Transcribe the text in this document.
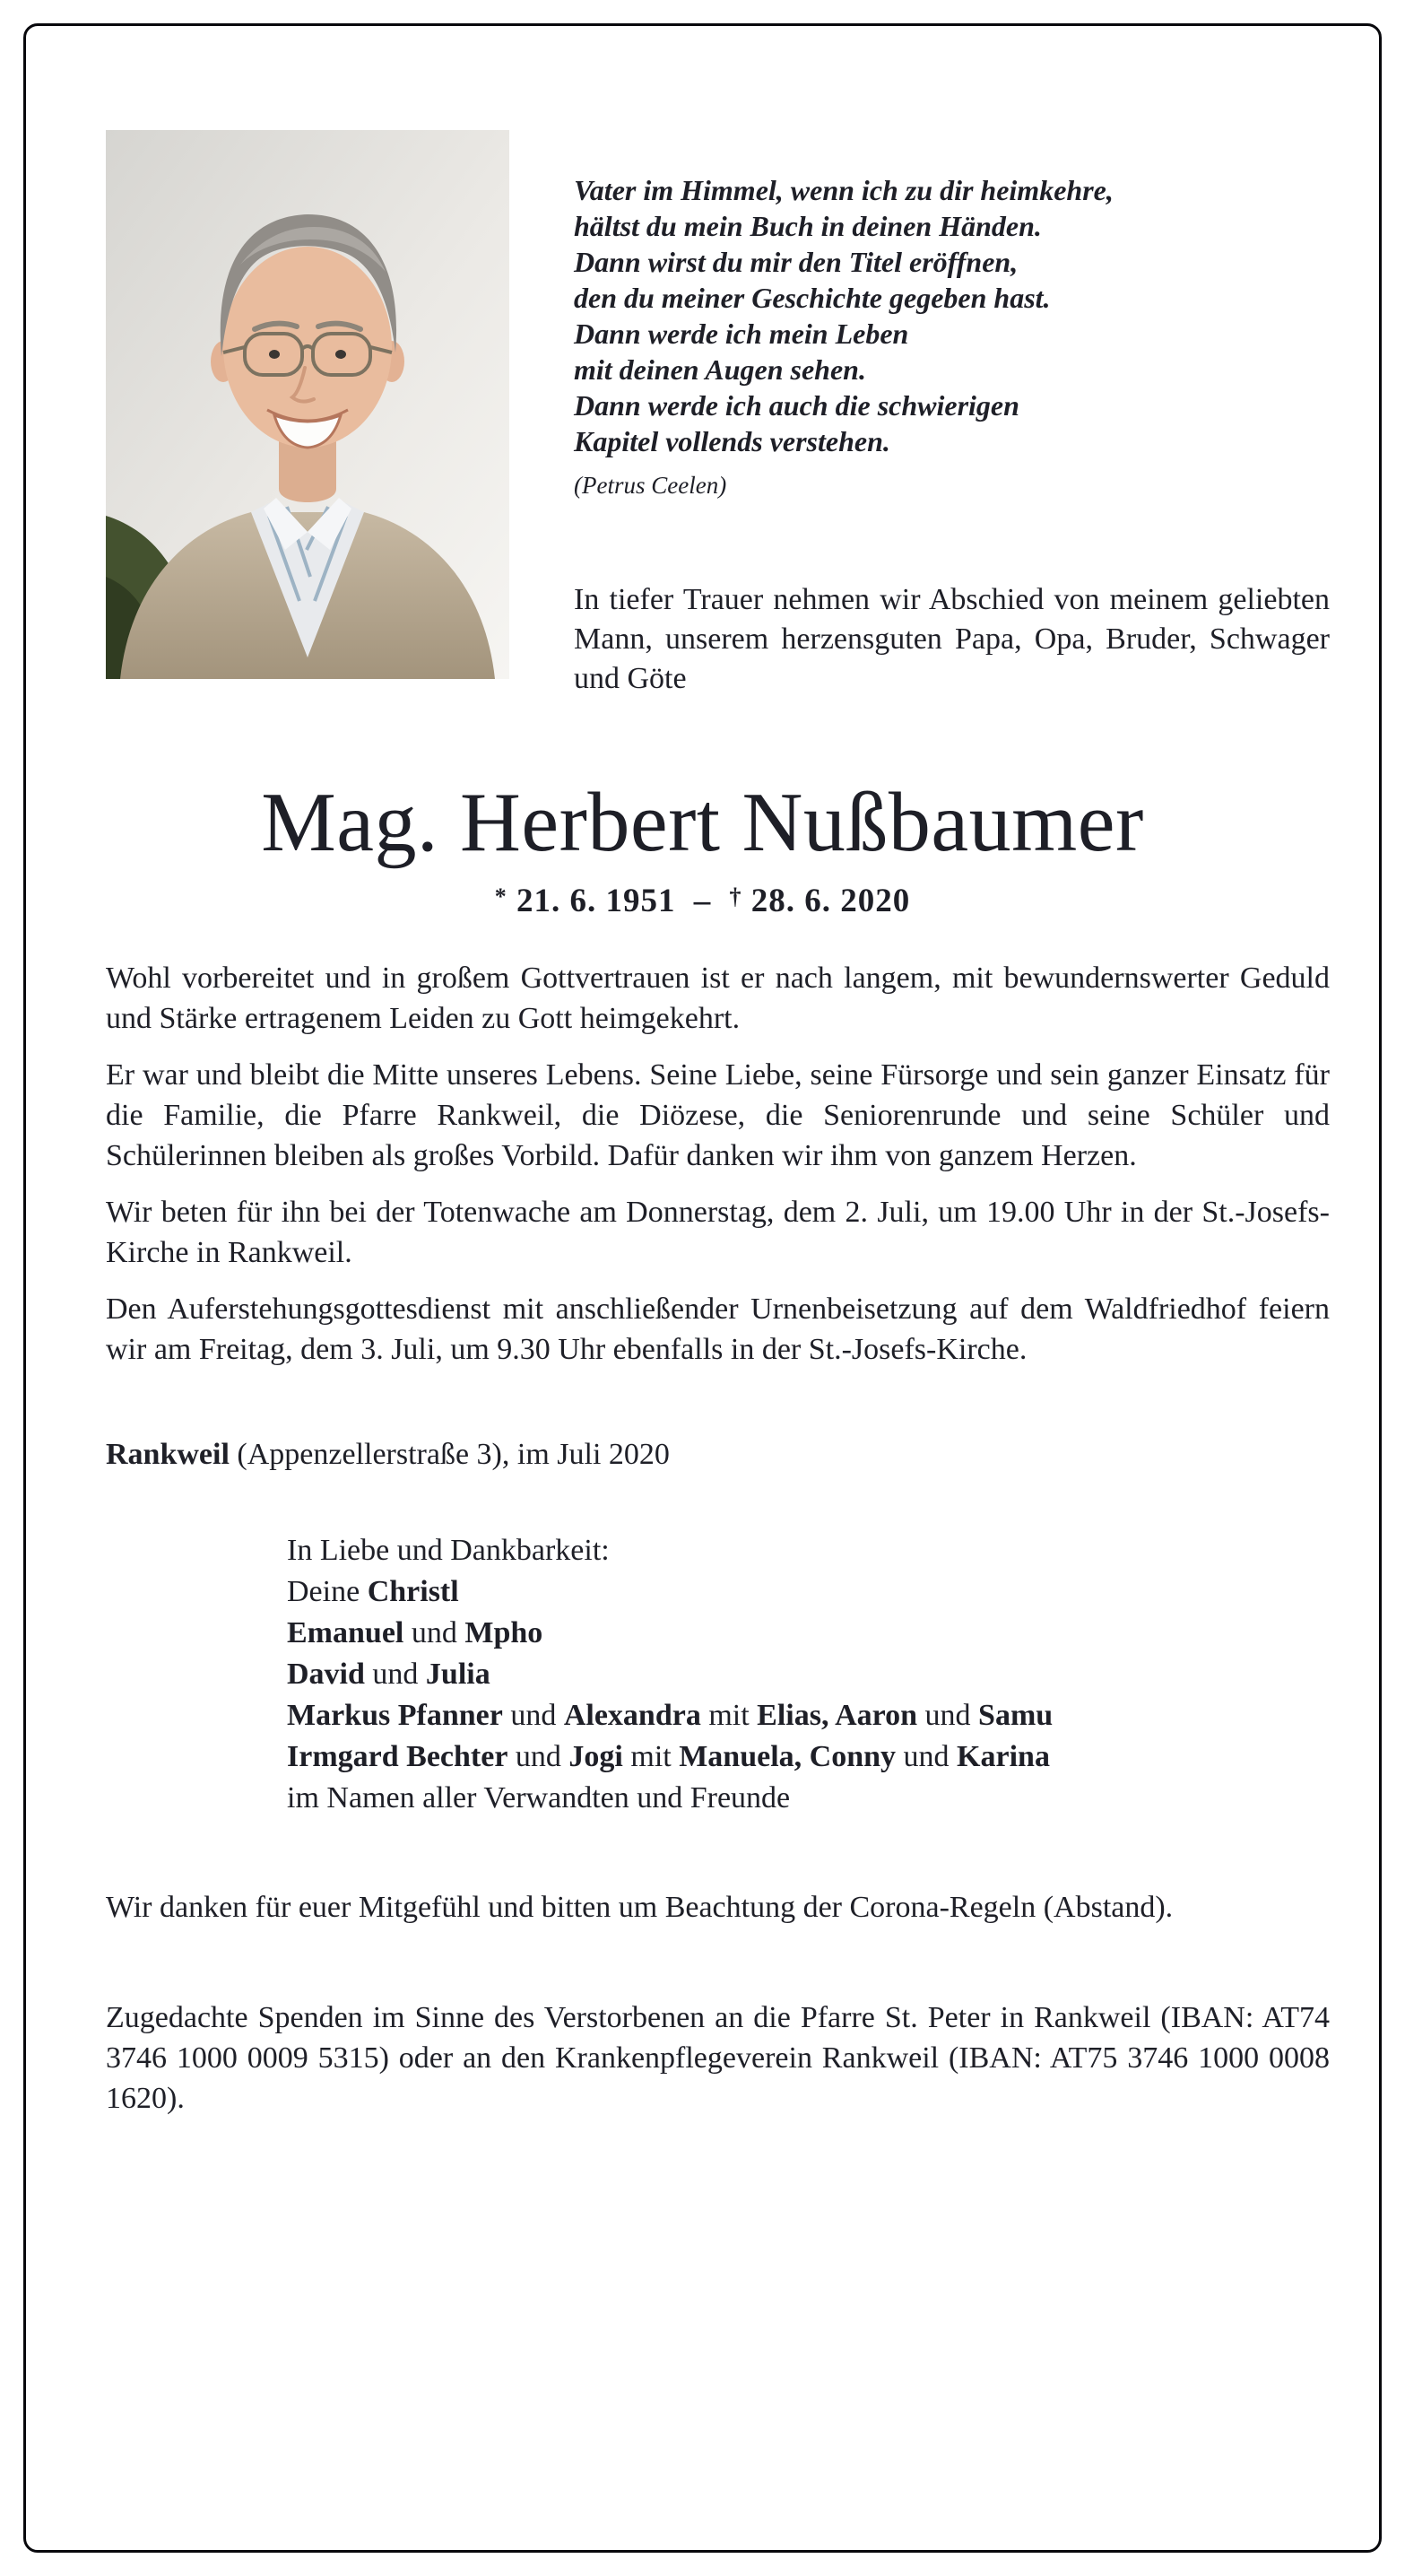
Vater im Himmel, wenn ich zu dir heimkehre,
hältst du mein Buch in deinen Händen.
Dann wirst du mir den Titel eröffnen,
den du meiner Geschichte gegeben hast.
Dann werde ich mein Leben
mit deinen Augen sehen.
Dann werde ich auch die schwierigen
Kapitel vollends verstehen.
(Petrus Ceelen)
In tiefer Trauer nehmen wir Abschied von meinem geliebten Mann, unserem herzensguten Papa, Opa, Bruder, Schwager und Göte
Mag. Herbert Nußbaumer
* 21. 6. 1951 – † 28. 6. 2020

Wohl vorbereitet und in großem Gottvertrauen ist er nach langem, mit bewundernswerter Geduld und Stärke ertragenem Leiden zu Gott heimgekehrt.

Er war und bleibt die Mitte unseres Lebens. Seine Liebe, seine Fürsorge und sein ganzer Einsatz für die Familie, die Pfarre Rankweil, die Diözese, die Seniorenrunde und seine Schüler und Schülerinnen bleiben als großes Vorbild. Dafür danken wir ihm von ganzem Herzen.

Wir beten für ihn bei der Totenwache am Donnerstag, dem 2. Juli, um 19.00 Uhr in der St.-Josefs-Kirche in Rankweil.

Den Auferstehungsgottesdienst mit anschließender Urnenbeisetzung auf dem Waldfriedhof feiern wir am Freitag, dem 3. Juli, um 9.30 Uhr ebenfalls in der St.-Josefs-Kirche.

Rankweil (Appenzellerstraße 3), im Juli 2020
In Liebe und Dankbarkeit:
Deine Christl
Emanuel und Mpho
David und Julia
Markus Pfanner und Alexandra mit Elias, Aaron und Samu
Irmgard Bechter und Jogi mit Manuela, Conny und Karina
im Namen aller Verwandten und Freunde

Wir danken für euer Mitgefühl und bitten um Beachtung der Corona-Regeln (Abstand).

Zugedachte Spenden im Sinne des Verstorbenen an die Pfarre St. Peter in Rankweil (IBAN: AT74 3746 1000 0009 5315) oder an den Krankenpflegeverein Rankweil (IBAN: AT75 3746 1000 0008 1620).
